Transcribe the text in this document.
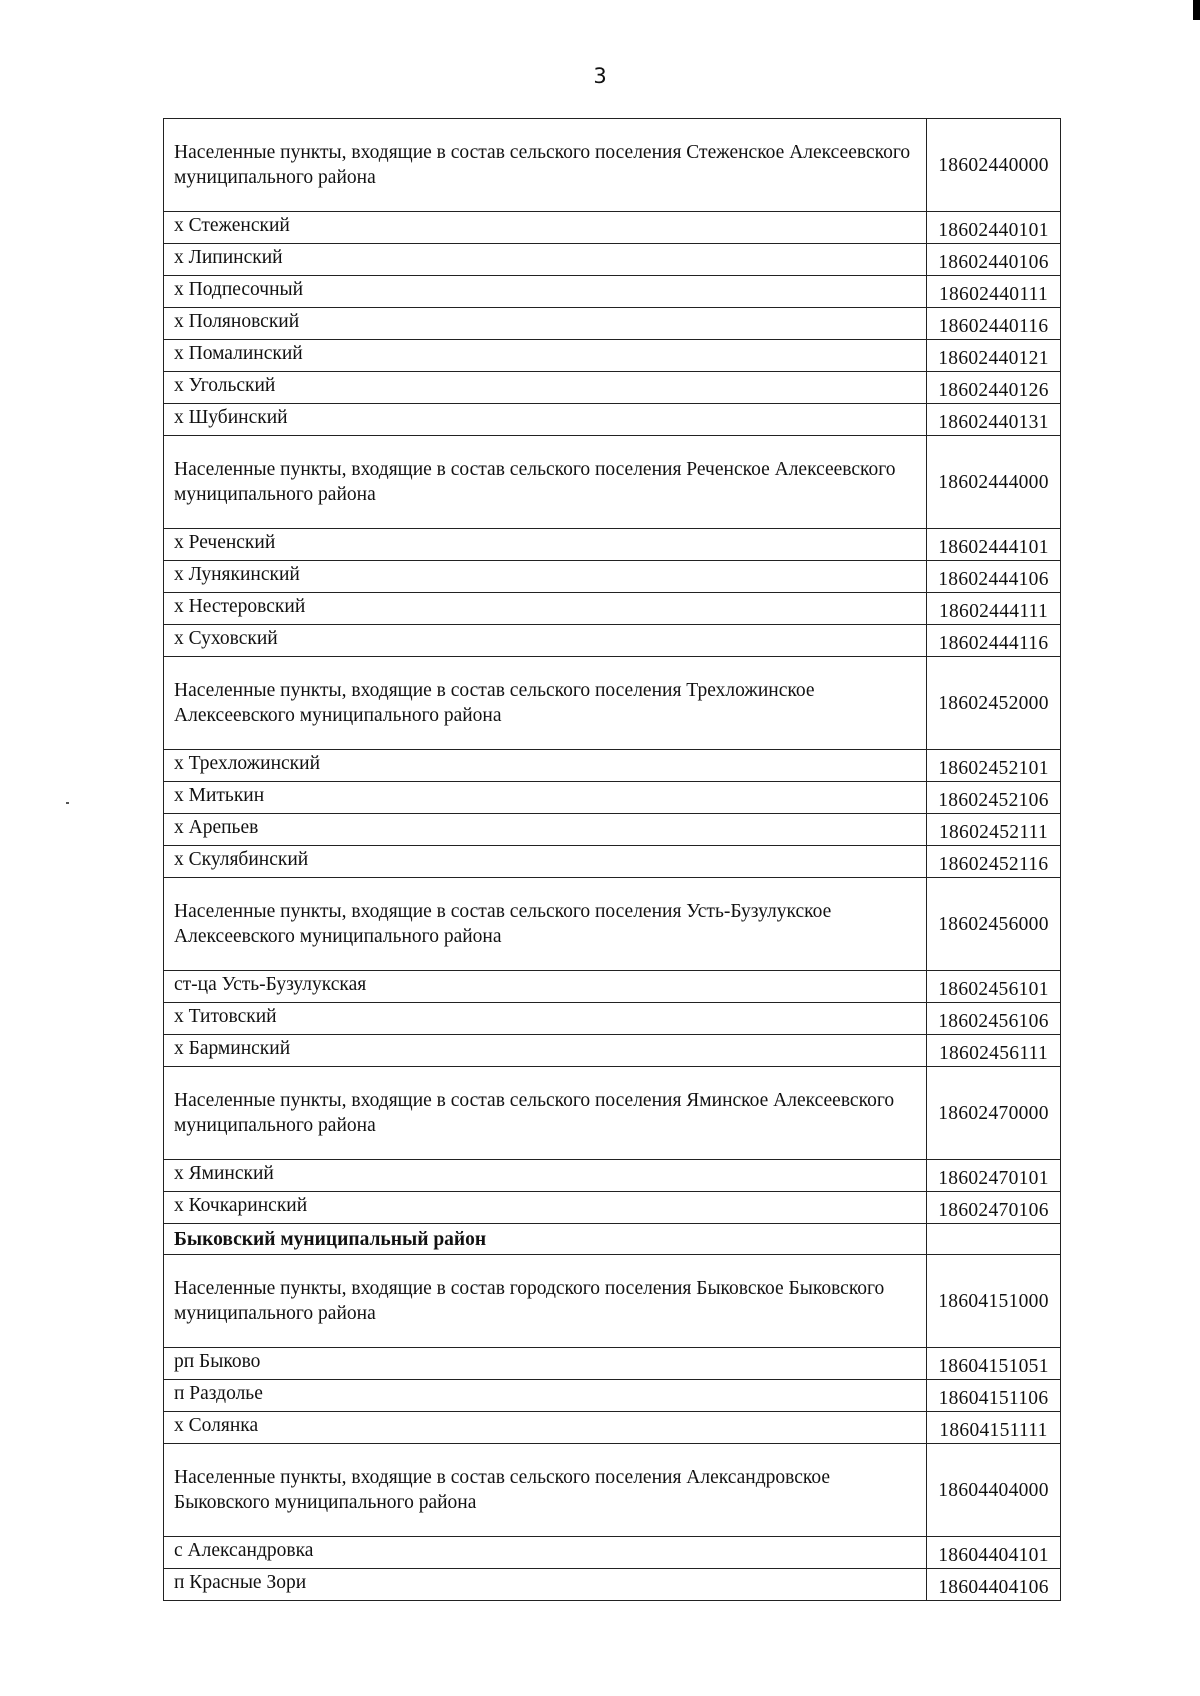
3
Населенные пункты, входящие в состав сельского поселения Стеженское Алексеевского муниципального района	18602440000
х Стеженский	18602440101
х Липинский	18602440106
х Подпесочный	18602440111
х Поляновский	18602440116
х Помалинский	18602440121
х Угольский	18602440126
х Шубинский	18602440131
Населенные пункты, входящие в состав сельского поселения Реченское Алексеевского муниципального района	18602444000
х Реченский	18602444101
х Лунякинский	18602444106
х Нестеровский	18602444111
х Суховский	18602444116
Населенные пункты, входящие в состав сельского поселения Трехложинское Алексеевского муниципального района	18602452000
х Трехложинский	18602452101
х Митькин	18602452106
х Арепьев	18602452111
х Скулябинский	18602452116
Населенные пункты, входящие в состав сельского поселения Усть-Бузулукское Алексеевского муниципального района	18602456000
ст-ца Усть-Бузулукская	18602456101
х Титовский	18602456106
х Барминский	18602456111
Населенные пункты, входящие в состав сельского поселения Яминское Алексеевского муниципального района	18602470000
х Яминский	18602470101
х Кочкаринский	18602470106
Быковский муниципальный район	
Населенные пункты, входящие в состав городского поселения Быковское Быковского муниципального района	18604151000
рп Быково	18604151051
п Раздолье	18604151106
х Солянка	18604151111
Населенные пункты, входящие в состав сельского поселения Александровское Быковского муниципального района	18604404000
с Александровка	18604404101
п Красные Зори	18604404106
